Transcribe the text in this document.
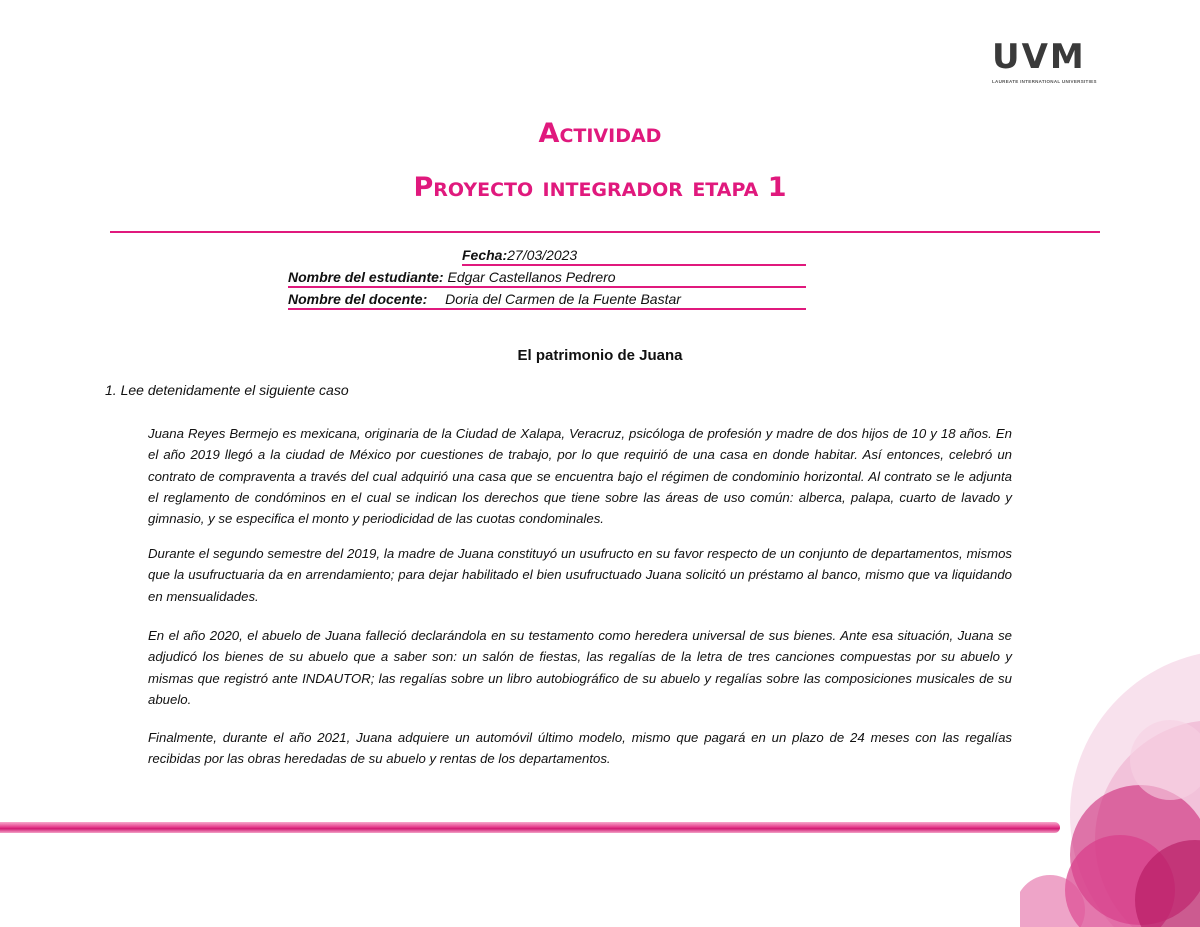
UVM
LAUREATE INTERNATIONAL UNIVERSITIES
Actividad
Proyecto integrador etapa 1
Fecha:27/03/2023
Nombre del estudiante: Edgar Castellanos Pedrero
Nombre del docente: Doria del Carmen de la Fuente Bastar
El patrimonio de Juana
1. Lee detenidamente el siguiente caso
Juana Reyes Bermejo es mexicana, originaria de la Ciudad de Xalapa, Veracruz, psicóloga de profesión y madre de dos hijos de 10 y 18 años. En el año 2019 llegó a la ciudad de México por cuestiones de trabajo, por lo que requirió de una casa en donde habitar. Así entonces, celebró un contrato de compraventa a través del cual adquirió una casa que se encuentra bajo el régimen de condominio horizontal. Al contrato se le adjunta el reglamento de condóminos en el cual se indican los derechos que tiene sobre las áreas de uso común: alberca, palapa, cuarto de lavado y gimnasio, y se especifica el monto y periodicidad de las cuotas condominales.
Durante el segundo semestre del 2019, la madre de Juana constituyó un usufructo en su favor respecto de un conjunto de departamentos, mismos que la usufructuaria da en arrendamiento; para dejar habilitado el bien usufructuado Juana solicitó un préstamo al banco, mismo que va liquidando en mensualidades.
En el año 2020, el abuelo de Juana falleció declarándola en su testamento como heredera universal de sus bienes. Ante esa situación, Juana se adjudicó los bienes de su abuelo que a saber son: un salón de fiestas, las regalías de la letra de tres canciones compuestas por su abuelo y mismas que registró ante INDAUTOR; las regalías sobre un libro autobiográfico de su abuelo y regalías sobre las composiciones musicales de su abuelo.
Finalmente, durante el año 2021, Juana adquiere un automóvil último modelo, mismo que pagará en un plazo de 24 meses con las regalías recibidas por las obras heredadas de su abuelo y rentas de los departamentos.
